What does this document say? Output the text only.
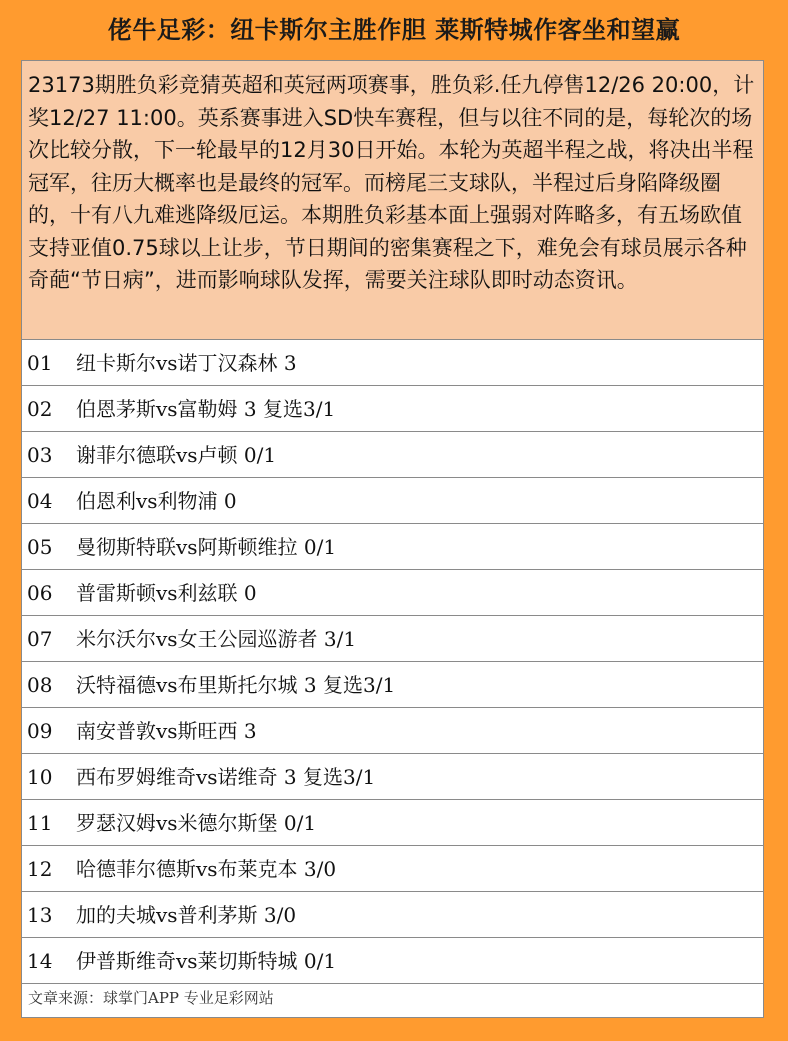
佬牛足彩：纽卡斯尔主胜作胆 莱斯特城作客坐和望赢
23173期胜负彩竞猜英超和英冠两项赛事，胜负彩.任九停售12/26 20:00，计奖12/27 11:00。英系赛事进入SD快车赛程，但与以往不同的是，每轮次的场次比较分散，下一轮最早的12月30日开始。本轮为英超半程之战，将决出半程冠军，往历大概率也是最终的冠军。而榜尾三支球队，半程过后身陷降级圈的，十有八九难逃降级厄运。本期胜负彩基本面上强弱对阵略多，有五场欧值支持亚值0.75球以上让步，节日期间的密集赛程之下，难免会有球员展示各种奇葩“节日病”，进而影响球队发挥，需要关注球队即时动态资讯。
01 纽卡斯尔vs诺丁汉森林 3
02 伯恩茅斯vs富勒姆 3 复选3/1
03 谢菲尔德联vs卢顿 0/1
04 伯恩利vs利物浦 0
05 曼彻斯特联vs阿斯顿维拉 0/1
06 普雷斯顿vs利兹联 0
07 米尔沃尔vs女王公园巡游者 3/1
08 沃特福德vs布里斯托尔城 3 复选3/1
09 南安普敦vs斯旺西 3
10 西布罗姆维奇vs诺维奇 3 复选3/1
11 罗瑟汉姆vs米德尔斯堡 0/1
12 哈德菲尔德斯vs布莱克本 3/0
13 加的夫城vs普利茅斯 3/0
14 伊普斯维奇vs莱切斯特城 0/1
文章来源：球掌门APP 专业足彩网站
